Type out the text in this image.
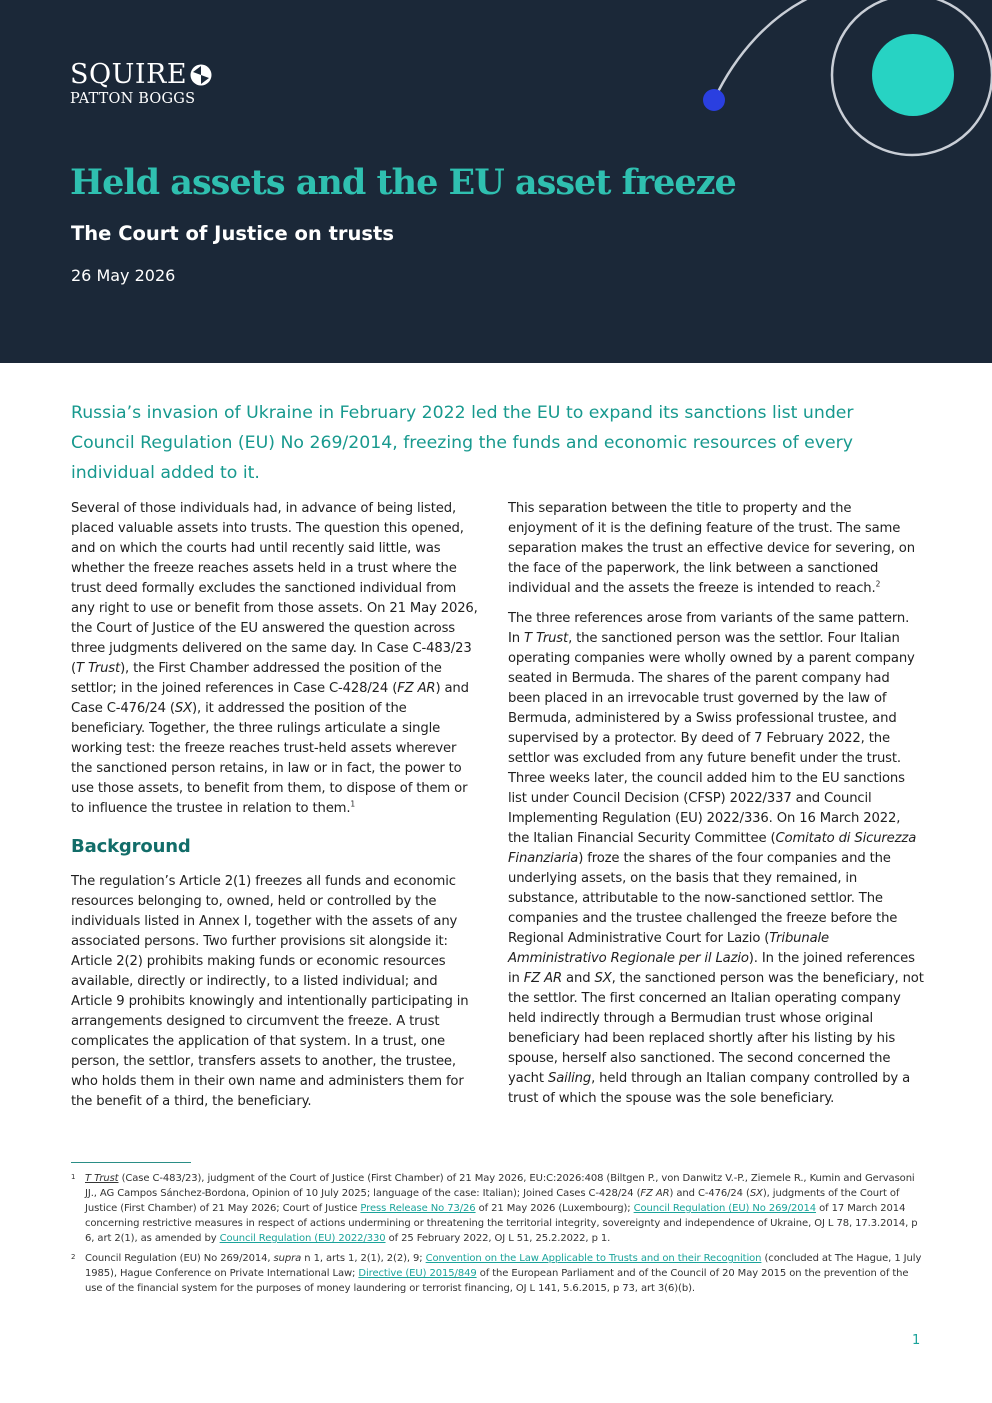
SQUIRE
PATTON BOGGS
Held assets and the EU asset freeze
The Court of Justice on trusts
26 May 2026

Russia’s invasion of Ukraine in February 2022 led the EU to expand its sanctions list under Council Regulation (EU) No 269/2014, freezing the funds and economic resources of every individual added to it.

Several of those individuals had, in advance of being listed, placed valuable assets into trusts. The question this opened, and on which the courts had until recently said little, was whether the freeze reaches assets held in a trust where the trust deed formally excludes the sanctioned individual from any right to use or benefit from those assets. On 21 May 2026, the Court of Justice of the EU answered the question across three judgments delivered on the same day. In Case C‑483/23 (T Trust), the First Chamber addressed the position of the settlor; in the joined references in Case C‑428/24 (FZ AR) and Case C‑476/24 (SX), it addressed the position of the beneficiary. Together, the three rulings articulate a single working test: the freeze reaches trust-held assets wherever the sanctioned person retains, in law or in fact, the power to use those assets, to benefit from them, to dispose of them or to influence the trustee in relation to them.$^1$

Background

The regulation’s Article 2(1) freezes all funds and economic resources belonging to, owned, held or controlled by the individuals listed in Annex I, together with the assets of any associated persons. Two further provisions sit alongside it: Article 2(2) prohibits making funds or economic resources available, directly or indirectly, to a listed individual; and Article 9 prohibits knowingly and intentionally participating in arrangements designed to circumvent the freeze. A trust complicates the application of that system. In a trust, one person, the settlor, transfers assets to another, the trustee, who holds them in their own name and administers them for the benefit of a third, the beneficiary.

This separation between the title to property and the enjoyment of it is the defining feature of the trust. The same separation makes the trust an effective device for severing, on the face of the paperwork, the link between a sanctioned individual and the assets the freeze is intended to reach.$^2$

The three references arose from variants of the same pattern. In T Trust, the sanctioned person was the settlor. Four Italian operating companies were wholly owned by a parent company seated in Bermuda. The shares of the parent company had been placed in an irrevocable trust governed by the law of Bermuda, administered by a Swiss professional trustee, and supervised by a protector. By deed of 7 February 2022, the settlor was excluded from any future benefit under the trust. Three weeks later, the council added him to the EU sanctions list under Council Decision (CFSP) 2022/337 and Council Implementing Regulation (EU) 2022/336. On 16 March 2022, the Italian Financial Security Committee (Comitato di Sicurezza Finanziaria) froze the shares of the four companies and the underlying assets, on the basis that they remained, in substance, attributable to the now-sanctioned settlor. The companies and the trustee challenged the freeze before the Regional Administrative Court for Lazio (Tribunale Amministrativo Regionale per il Lazio). In the joined references in FZ AR and SX, the sanctioned person was the beneficiary, not the settlor. The first concerned an Italian operating company held indirectly through a Bermudian trust whose original beneficiary had been replaced shortly after his listing by his spouse, herself also sanctioned. The second concerned the yacht Sailing, held through an Italian company controlled by a trust of which the spouse was the sole beneficiary.

1 T Trust (Case C-483/23), judgment of the Court of Justice (First Chamber) of 21 May 2026, EU:C:2026:408 (Biltgen P., von Danwitz V.-P., Ziemele R., Kumin and Gervasoni JJ., AG Campos Sánchez-Bordona, Opinion of 10 July 2025; language of the case: Italian); Joined Cases C-428/24 (FZ AR) and C-476/24 (SX), judgments of the Court of Justice (First Chamber) of 21 May 2026; Court of Justice Press Release No 73/26 of 21 May 2026 (Luxembourg); Council Regulation (EU) No 269/2014 of 17 March 2014 concerning restrictive measures in respect of actions undermining or threatening the territorial integrity, sovereignty and independence of Ukraine, OJ L 78, 17.3.2014, p 6, art 2(1), as amended by Council Regulation (EU) 2022/330 of 25 February 2022, OJ L 51, 25.2.2022, p 1.
2 Council Regulation (EU) No 269/2014, supra n 1, arts 1, 2(1), 2(2), 9; Convention on the Law Applicable to Trusts and on their Recognition (concluded at The Hague, 1 July 1985), Hague Conference on Private International Law; Directive (EU) 2015/849 of the European Parliament and of the Council of 20 May 2015 on the prevention of the use of the financial system for the purposes of money laundering or terrorist financing, OJ L 141, 5.6.2015, p 73, art 3(6)(b).
1
